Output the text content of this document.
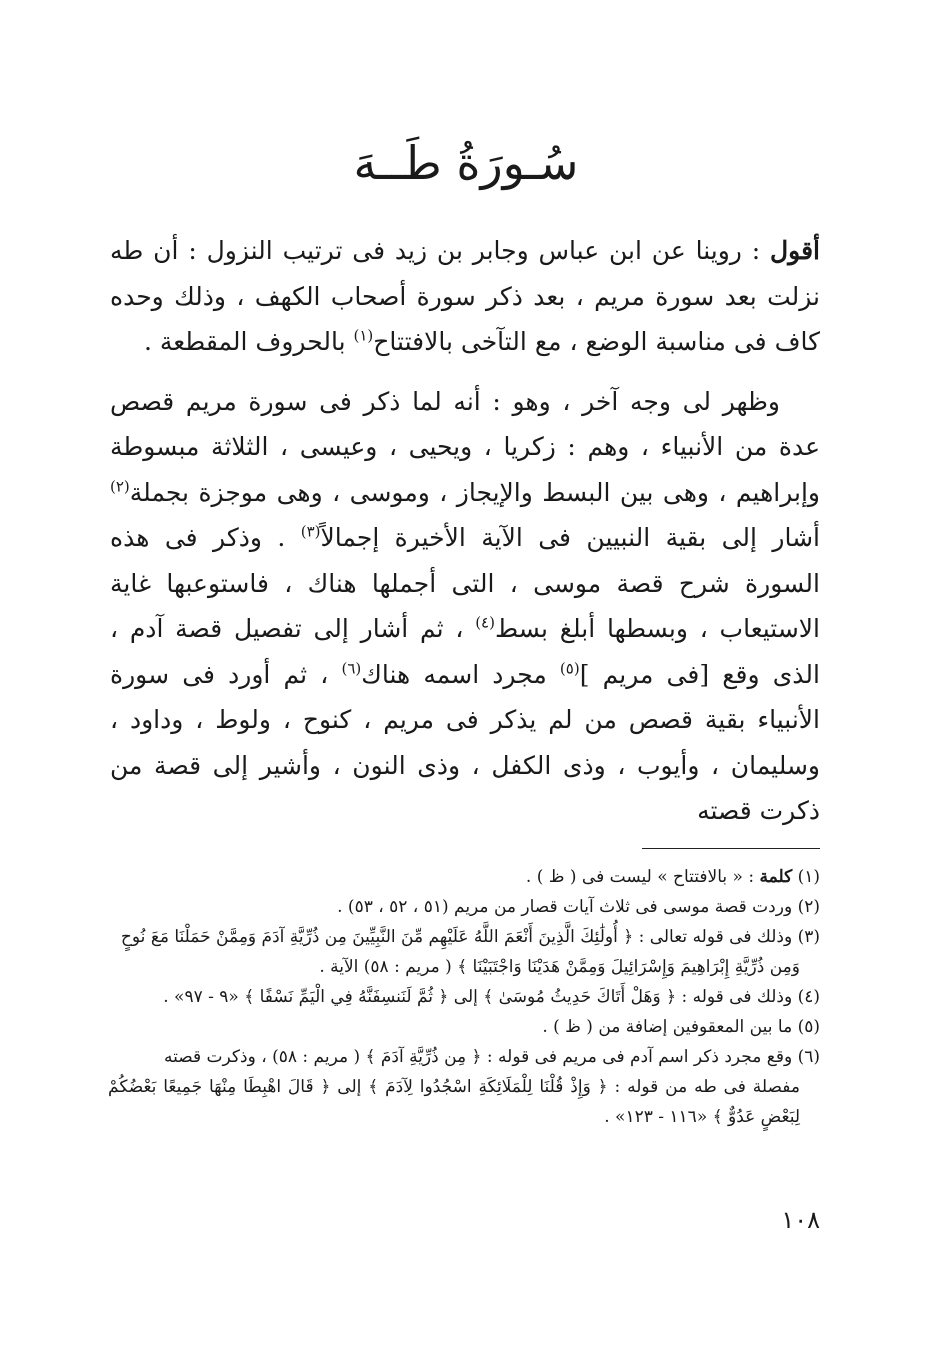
سُـورَةُ طَــهَ

أقول : روينا عن ابن عباس وجابر بن زيد فى ترتيب النزول : أن طه نزلت بعد سورة مريم ، بعد ذكر سورة أصحاب الكهف ، وذلك وحده كاف فى مناسبة الوضع ، مع التآخى بالافتتاح$^{(١)}$ بالحروف المقطعة .

وظهر لى وجه آخر ، وهو : أنه لما ذكر فى سورة مريم قصص عدة من الأنبياء ، وهم : زكريا ، ويحيى ، وعيسى ، الثلاثة مبسوطة وإبراهيم ، وهى بين البسط والإيجاز ، وموسى ، وهى موجزة بجملة$^{(٢)}$ أشار إلى بقية النبيين فى الآية الأخيرة إجمالاً$^{(٣)}$ . وذكر فى هذه السورة شرح قصة موسى ، التى أجملها هناك ، فاستوعبها غاية الاستيعاب ، وبسطها أبلغ بسط$^{(٤)}$ ، ثم أشار إلى تفصيل قصة آدم ، الذى وقع [فى مريم ]$^{(٥)}$ مجرد اسمه هناك$^{(٦)}$ ، ثم أورد فى سورة الأنبياء بقية قصص من لم يذكر فى مريم ، كنوح ، ولوط ، وداود ، وسليمان ، وأيوب ، وذى الكفل ، وذى النون ، وأشير إلى قصة من ذكرت قصته

(١) كلمة : « بالافتتاح » ليست فى ( ظ ) .

(٢) وردت قصة موسى فى ثلاث آيات قصار من مريم (٥١ ، ٥٢ ، ٥٣) .

(٣) وذلك فى قوله تعالى : ﴿ أُولَٰئِكَ الَّذِينَ أَنْعَمَ اللَّهُ عَلَيْهِم مِّنَ النَّبِيِّينَ مِن ذُرِّيَّةِ آدَمَ وَمِمَّنْ حَمَلْنَا مَعَ نُوحٍ
وَمِن ذُرِّيَّةِ إِبْرَاهِيمَ وَإِسْرَائِيلَ وَمِمَّنْ هَدَيْنَا وَاجْتَبَيْنَا ﴾ ( مريم : ٥٨) الآية .

(٤) وذلك فى قوله : ﴿ وَهَلْ أَتَاكَ حَدِيثُ مُوسَىٰ ﴾ إلى ﴿ ثُمَّ لَنَنسِفَنَّهُ فِي الْيَمِّ نَسْفًا ﴾ «٩ - ٩٧» .

(٥) ما بين المعقوفين إضافة من ( ظ ) .

(٦) وقع مجرد ذكر اسم آدم فى مريم فى قوله : ﴿ مِن ذُرِّيَّةِ آدَمَ ﴾ ( مريم : ٥٨) ، وذكرت قصته
مفصلة فى طه من قوله : ﴿ وَإِذْ قُلْنَا لِلْمَلَائِكَةِ اسْجُدُوا لِآدَمَ ﴾ إلى ﴿ قَالَ اهْبِطَا مِنْهَا جَمِيعًا بَعْضُكُمْ لِبَعْضٍ عَدُوٌّ ﴾ «١١٦ - ١٢٣» .

١٠٨
